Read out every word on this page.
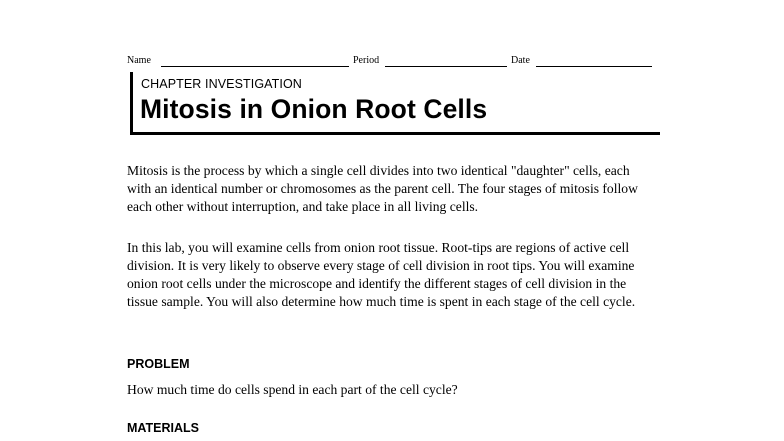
Name	Period	Date

CHAPTER INVESTIGATION

Mitosis in Onion Root Cells

Mitosis is the process by which a single cell divides into two identical "daughter" cells, each with an identical number or chromosomes as the parent cell. The four stages of mitosis follow each other without interruption, and take place in all living cells.

In this lab, you will examine cells from onion root tissue. Root-tips are regions of active cell division. It is very likely to observe every stage of cell division in root tips. You will examine onion root cells under the microscope and identify the different stages of cell division in the tissue sample. You will also determine how much time is spent in each stage of the cell cycle.

PROBLEM

How much time do cells spend in each part of the cell cycle?

MATERIALS
